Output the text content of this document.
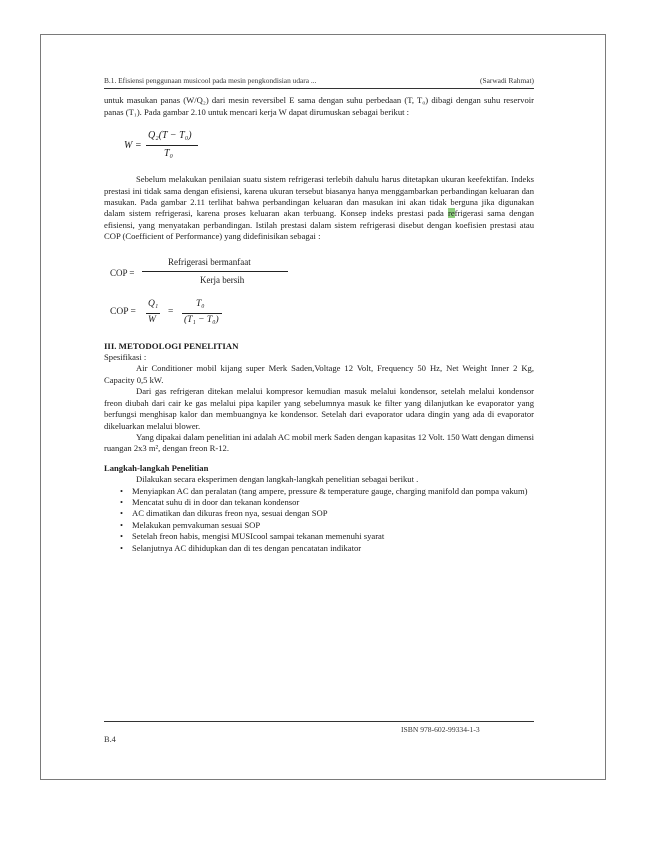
B.1. Efisiensi penggunaan musicool pada mesin pengkondisian udara ...	(Sarwadi Rahmat)

untuk masukan panas (W/Q₂) dari mesin reversibel E sama dengan suhu perbedaan (T, T₀) dibagi dengan suhu reservoir panas (T₁). Pada gambar 2.10 untuk mencari kerja W dapat dirumuskan sebagai berikut :

W =
Q₂(T − T₀)
T₀

Sebelum melakukan penilaian suatu sistem refrigerasi terlebih dahulu harus ditetapkan ukuran keefektifan. Indeks prestasi ini tidak sama dengan efisiensi, karena ukuran tersebut biasanya hanya menggambarkan perbandingan keluaran dan masukan. Pada gambar 2.11 terlihat bahwa perbandingan keluaran dan masukan ini akan tidak berguna jika digunakan dalam sistem refrigerasi, karena proses keluaran akan terbuang. Konsep indeks prestasi pada refrigerasi sama dengan efisiensi, yang menyatakan perbandingan. Istilah prestasi dalam sistem refrigerasi disebut dengan koefisien prestasi atau COP (Coefficient of Performance) yang didefinisikan sebagai :

COP =
Refrigerasi bermanfaat
Kerja bersih
COP =
Q₁
W
=
T₀
(T₁ − T₀)
III. METODOLOGI PENELITIAN

Spesifikasi :

Air Conditioner mobil kijang super Merk Saden,Voltage 12 Volt, Frequency 50 Hz, Net Weight Inner 2 Kg, Capacity 0,5 kW.

Dari gas refrigeran ditekan melalui kompresor kemudian masuk melalui kondensor, setelah melalui kondensor freon diubah dari cair ke gas melalui pipa kapiler yang sebelumnya masuk ke filter yang dilanjutkan ke evaporator yang berfungsi menghisap kalor dan membuangnya ke kondensor. Setelah dari evaporator udara dingin yang ada di evaporator dikeluarkan melalui blower.

Yang dipakai dalam penelitian ini adalah AC mobil merk Saden dengan kapasitas 12 Volt. 150 Watt dengan dimensi ruangan 2x3 m², dengan freon R-12.

Langkah-langkah Penelitian

Dilakukan secara eksperimen dengan langkah-langkah penelitian sebagai berikut .

• Menyiapkan AC dan peralatan (tang ampere, pressure & temperature gauge, charging manifold dan pompa vakum)
• Mencatat suhu di in door dan tekanan kondensor
• AC dimatikan dan dikuras freon nya, sesuai dengan SOP
• Melakukan pemvakuman sesuai SOP
• Setelah freon habis, mengisi MUSIcool sampai tekanan memenuhi syarat
• Selanjutnya AC dihidupkan dan di tes dengan pencatatan indikator
ISBN 978-602-99334-1-3
B.4
